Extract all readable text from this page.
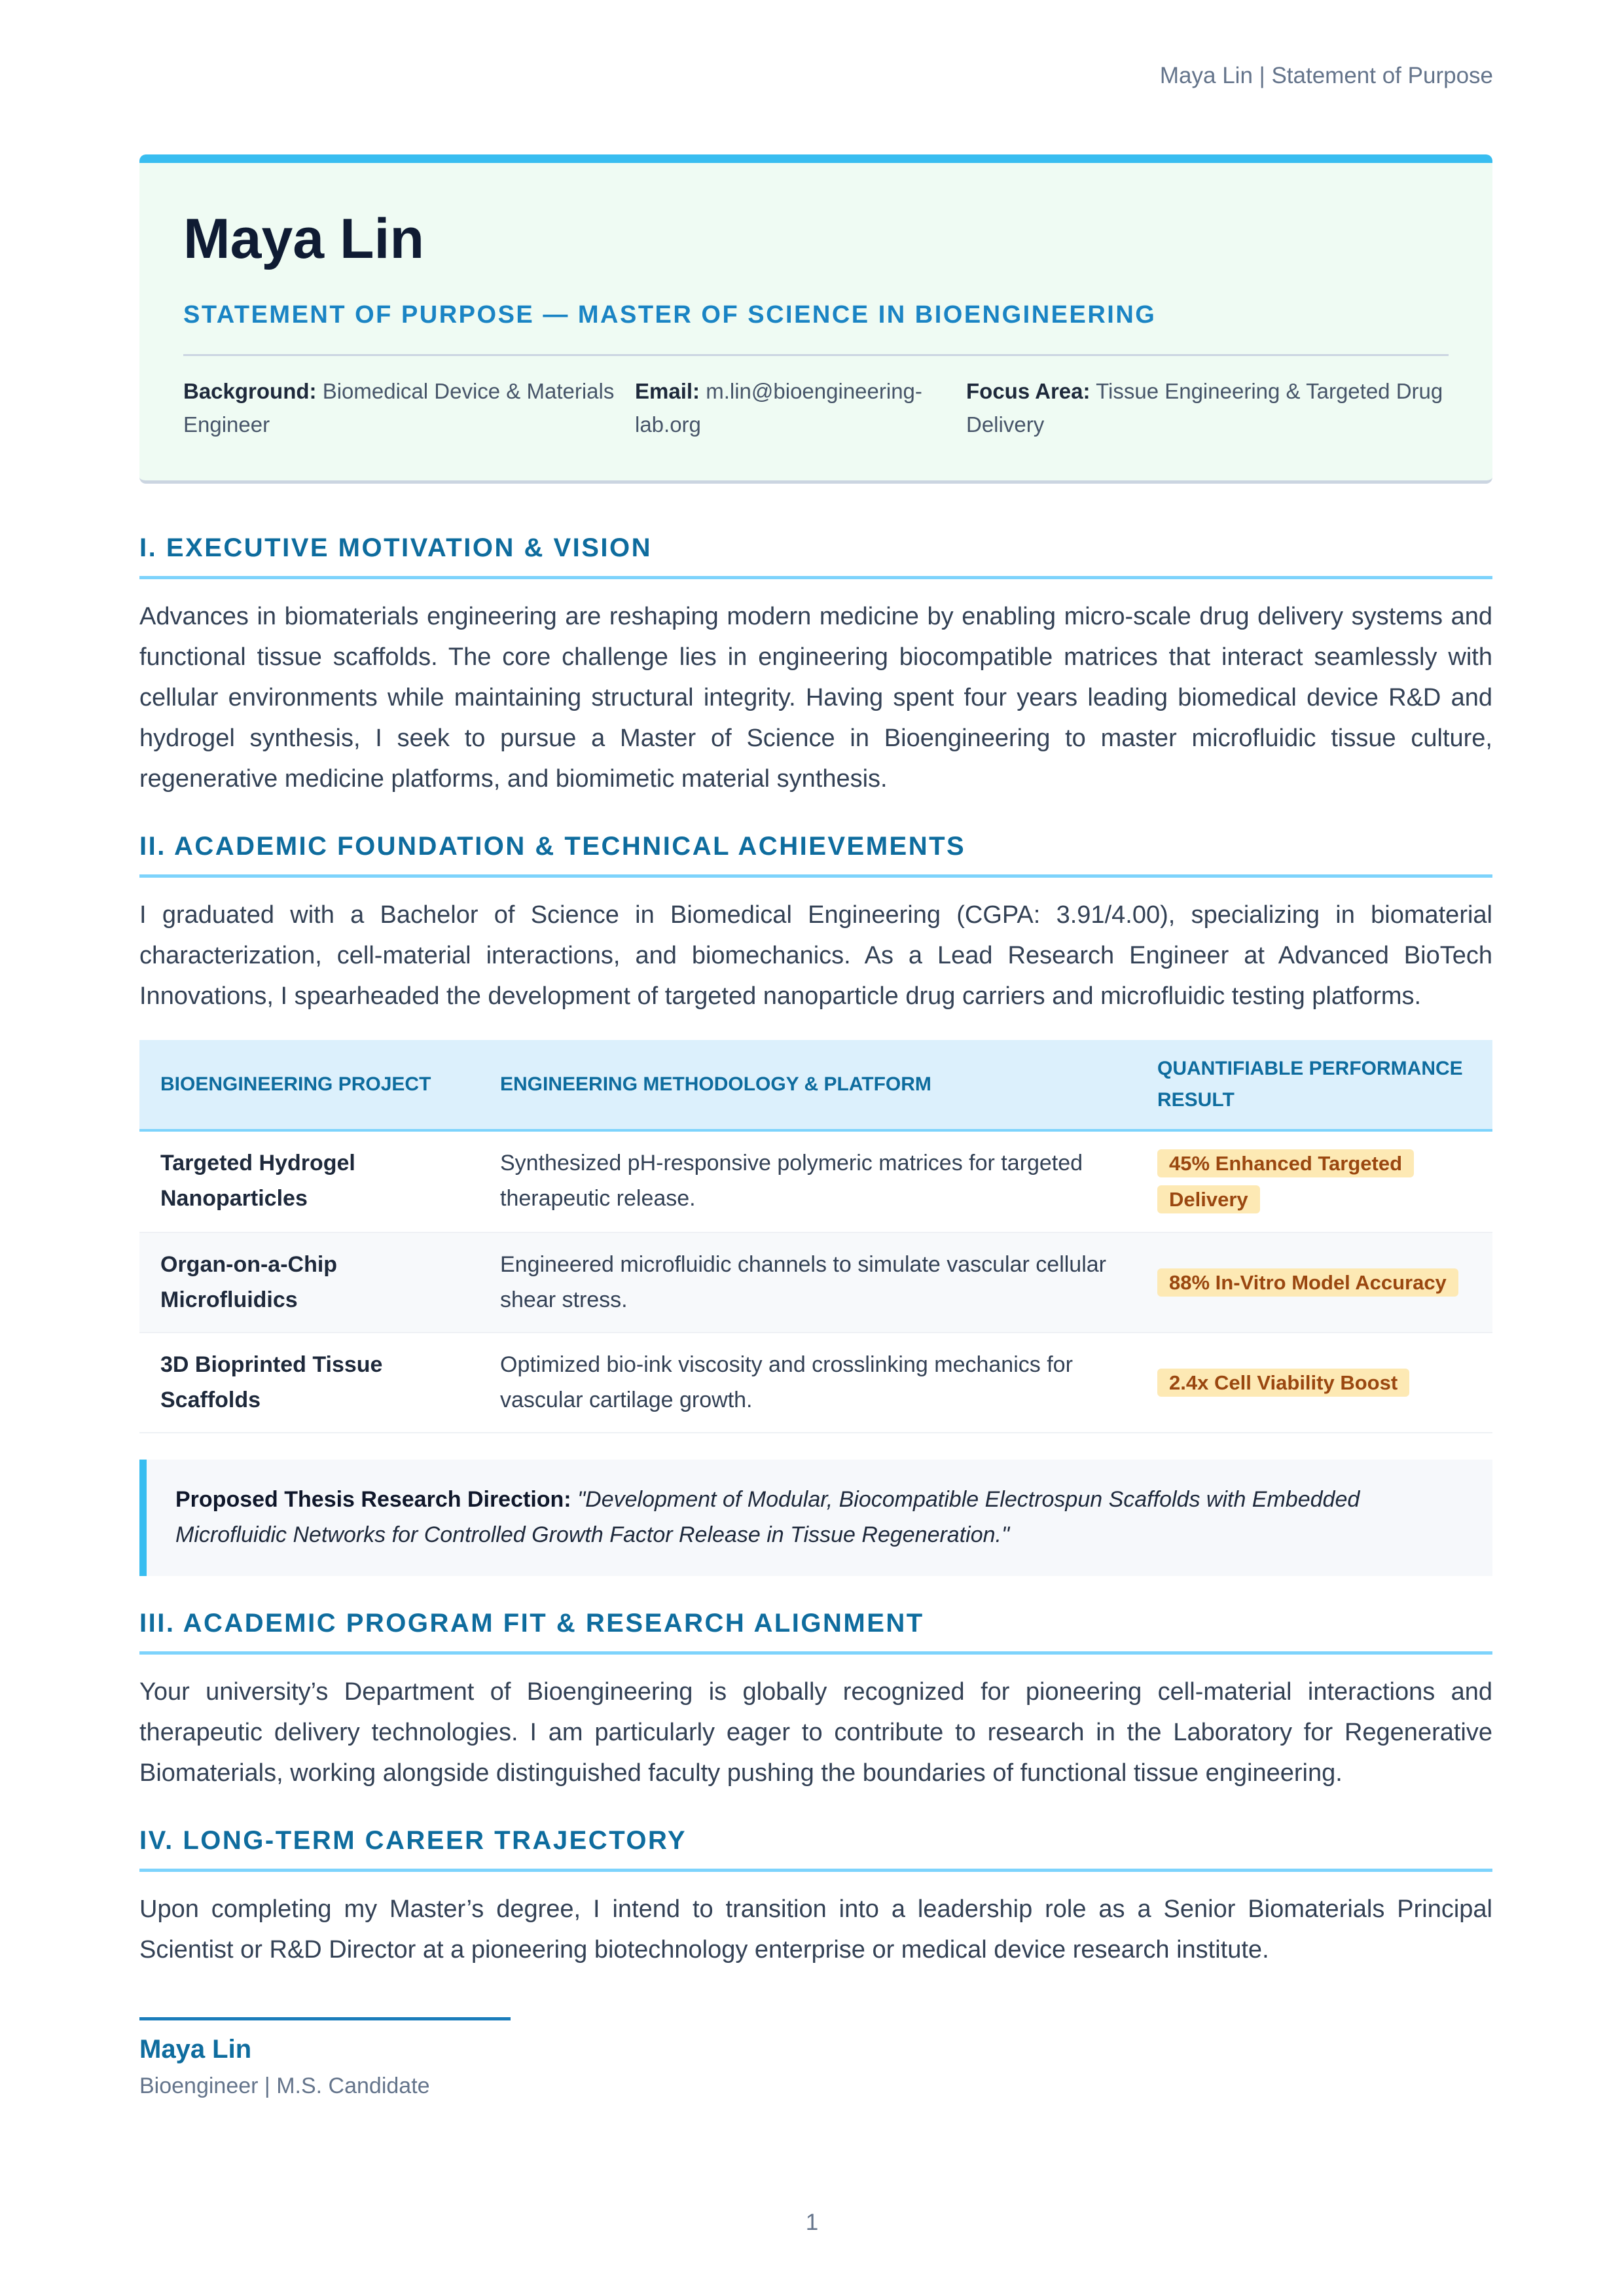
Maya Lin | Statement of Purpose
Maya Lin
STATEMENT OF PURPOSE — MASTER OF SCIENCE IN BIOENGINEERING
Background: Biomedical Device & Materials Engineer
Email: m.lin@bioengineering-lab.org
Focus Area: Tissue Engineering & Targeted Drug Delivery
I. EXECUTIVE MOTIVATION & VISION

Advances in biomaterials engineering are reshaping modern medicine by enabling micro-scale drug delivery systems and functional tissue scaffolds. The core challenge lies in engineering biocompatible matrices that interact seamlessly with cellular environments while maintaining structural integrity. Having spent four years leading biomedical device R&D and hydrogel synthesis, I seek to pursue a Master of Science in Bioengineering to master microfluidic tissue culture, regenerative medicine platforms, and biomimetic material synthesis.

II. ACADEMIC FOUNDATION & TECHNICAL ACHIEVEMENTS

I graduated with a Bachelor of Science in Biomedical Engineering (CGPA: 3.91/4.00), specializing in biomaterial characterization, cell-material interactions, and biomechanics. As a Lead Research Engineer at Advanced BioTech Innovations, I spearheaded the development of targeted nanoparticle drug carriers and microfluidic testing platforms.

BIOENGINEERING PROJECT	ENGINEERING METHODOLOGY & PLATFORM	QUANTIFIABLE PERFORMANCE RESULT
Targeted Hydrogel Nanoparticles	Synthesized pH-responsive polymeric matrices for targeted therapeutic release.	45% Enhanced Targeted Delivery
Organ-on-a-Chip Microfluidics	Engineered microfluidic channels to simulate vascular cellular shear stress.	88% In-Vitro Model Accuracy
3D Bioprinted Tissue Scaffolds	Optimized bio-ink viscosity and crosslinking mechanics for vascular cartilage growth.	2.4x Cell Viability Boost
Proposed Thesis Research Direction: "Development of Modular, Biocompatible Electrospun Scaffolds with Embedded Microfluidic Networks for Controlled Growth Factor Release in Tissue Regeneration."
III. ACADEMIC PROGRAM FIT & RESEARCH ALIGNMENT

Your university’s Department of Bioengineering is globally recognized for pioneering cell-material interactions and therapeutic delivery technologies. I am particularly eager to contribute to research in the Laboratory for Regenerative Biomaterials, working alongside distinguished faculty pushing the boundaries of functional tissue engineering.

IV. LONG-TERM CAREER TRAJECTORY

Upon completing my Master’s degree, I intend to transition into a leadership role as a Senior Biomaterials Principal Scientist or R&D Director at a pioneering biotechnology enterprise or medical device research institute.

Maya Lin
Bioengineer | M.S. Candidate
1
